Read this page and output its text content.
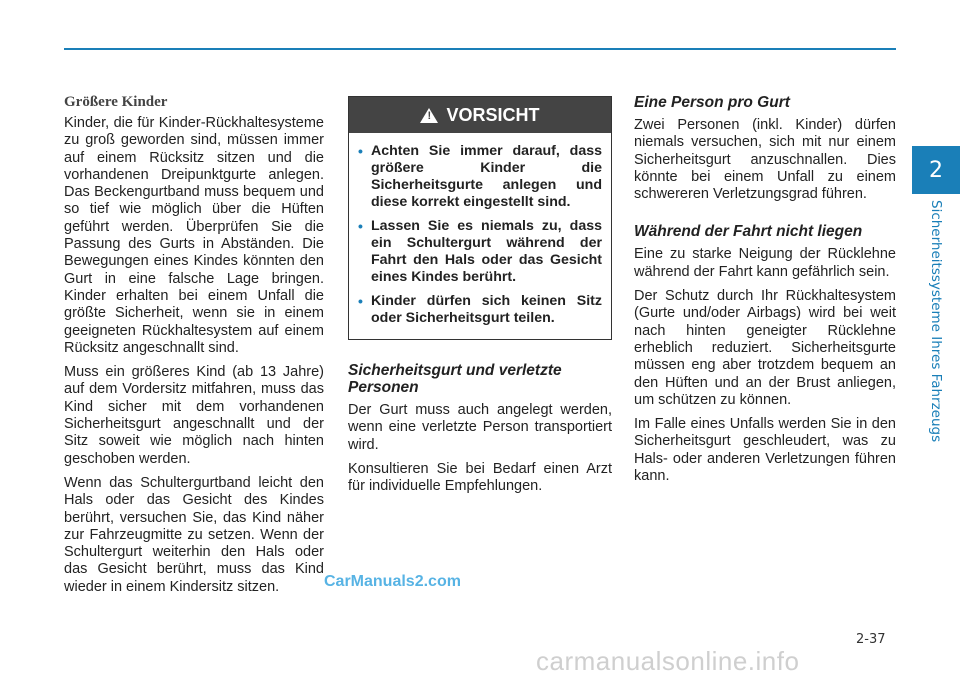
2
Sicherheitssysteme Ihres Fahrzeugs
Größere Kinder

Kinder, die für Kinder-Rückhaltesysteme zu groß geworden sind, müssen immer auf einem Rücksitz sitzen und die vorhandenen Dreipunktgurte anlegen. Das Beckengurtband muss bequem und so tief wie möglich über die Hüften geführt werden. Überprüfen Sie die Passung des Gurts in Abständen. Die Bewegungen eines Kindes könnten den Gurt in eine falsche Lage bringen. Kinder erhalten bei einem Unfall die größte Sicherheit, wenn sie in einem geeigneten Rückhaltesystem auf einem Rücksitz angeschnallt sind.

Muss ein größeres Kind (ab 13 Jahre) auf dem Vordersitz mitfahren, muss das Kind sicher mit dem vorhandenen Sicherheitsgurt angeschnallt und der Sitz soweit wie möglich nach hinten geschoben werden.

Wenn das Schultergurtband leicht den Hals oder das Gesicht des Kindes berührt, versuchen Sie, das Kind näher zur Fahrzeugmitte zu setzen. Wenn der Schultergurt weiterhin den Hals oder das Gesicht berührt, muss das Kind wieder in einem Kindersitz sitzen.

!
VORSICHT
• Achten Sie immer darauf, dass größere Kinder die Sicherheitsgurte anlegen und diese korrekt eingestellt sind.
• Lassen Sie es niemals zu, dass ein Schultergurt während der Fahrt den Hals oder das Gesicht eines Kindes berührt.
• Kinder dürfen sich keinen Sitz oder Sicherheitsgurt teilen.
Sicherheitsgurt und verletzte Personen

Der Gurt muss auch angelegt werden, wenn eine verletzte Person transportiert wird.

Konsultieren Sie bei Bedarf einen Arzt für individuelle Empfehlungen.

Eine Person pro Gurt

Zwei Personen (inkl. Kinder) dürfen niemals versuchen, sich mit nur einem Sicherheitsgurt anzuschnallen. Dies könnte bei einem Unfall zu einem schwereren Verletzungsgrad führen.

Während der Fahrt nicht liegen

Eine zu starke Neigung der Rücklehne während der Fahrt kann gefährlich sein.

Der Schutz durch Ihr Rückhaltesystem (Gurte und/oder Airbags) wird bei weit nach hinten geneigter Rücklehne erheblich reduziert. Sicherheitsgurte müssen eng aber trotzdem bequem an den Hüften und an der Brust anliegen, um schützen zu können.

Im Falle eines Unfalls werden Sie in den Sicherheitsgurt geschleudert, was zu Hals- oder anderen Verletzungen führen kann.

CarManuals2.com
2-37
carmanualsonline.info
